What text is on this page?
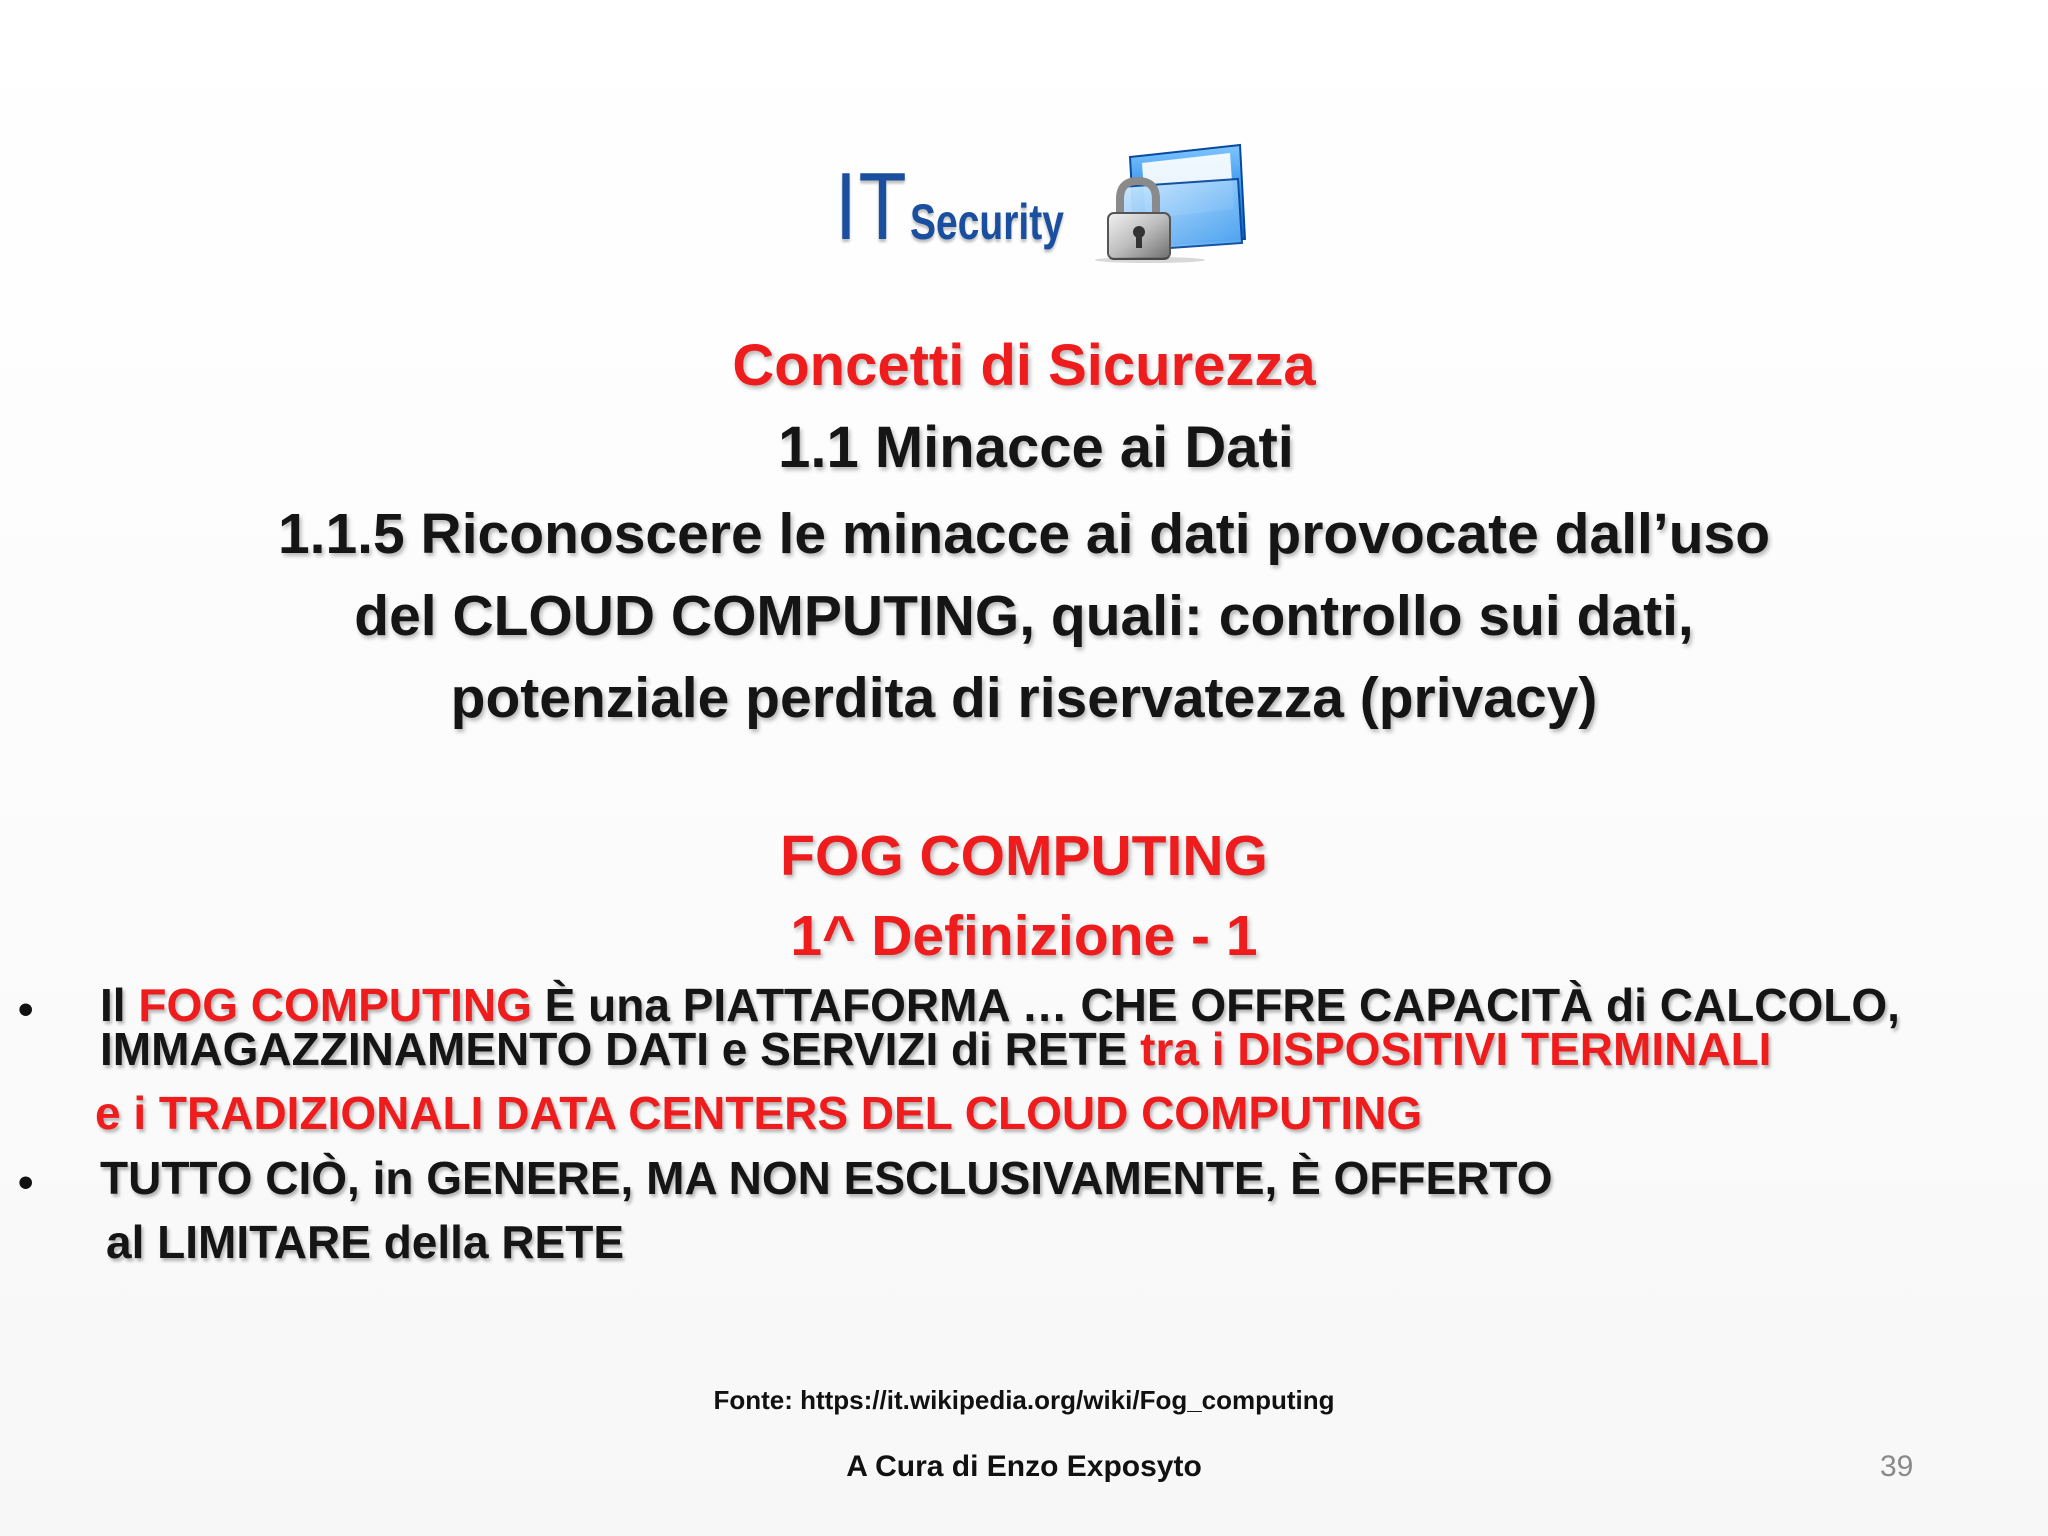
IT Security
Concetti di Sicurezza
1.1 Minacce ai Dati
1.1.5 Riconoscere le minacce ai dati provocate dall’uso
del CLOUD COMPUTING, quali: controllo sui dati,
potenziale perdita di riservatezza (privacy)
FOG COMPUTING
1^ Definizione - 1
• Il FOG COMPUTING È una PIATTAFORMA … CHE OFFRE CAPACITÀ di CALCOLO,
IMMAGAZZINAMENTO DATI e SERVIZI di RETE tra i DISPOSITIVI TERMINALI
e i TRADIZIONALI DATA CENTERS DEL CLOUD COMPUTING
• TUTTO CIÒ, in GENERE, MA NON ESCLUSIVAMENTE, È OFFERTO
al LIMITARE della RETE
Fonte: https://it.wikipedia.org/wiki/Fog_computing
A Cura di Enzo Exposyto	39
